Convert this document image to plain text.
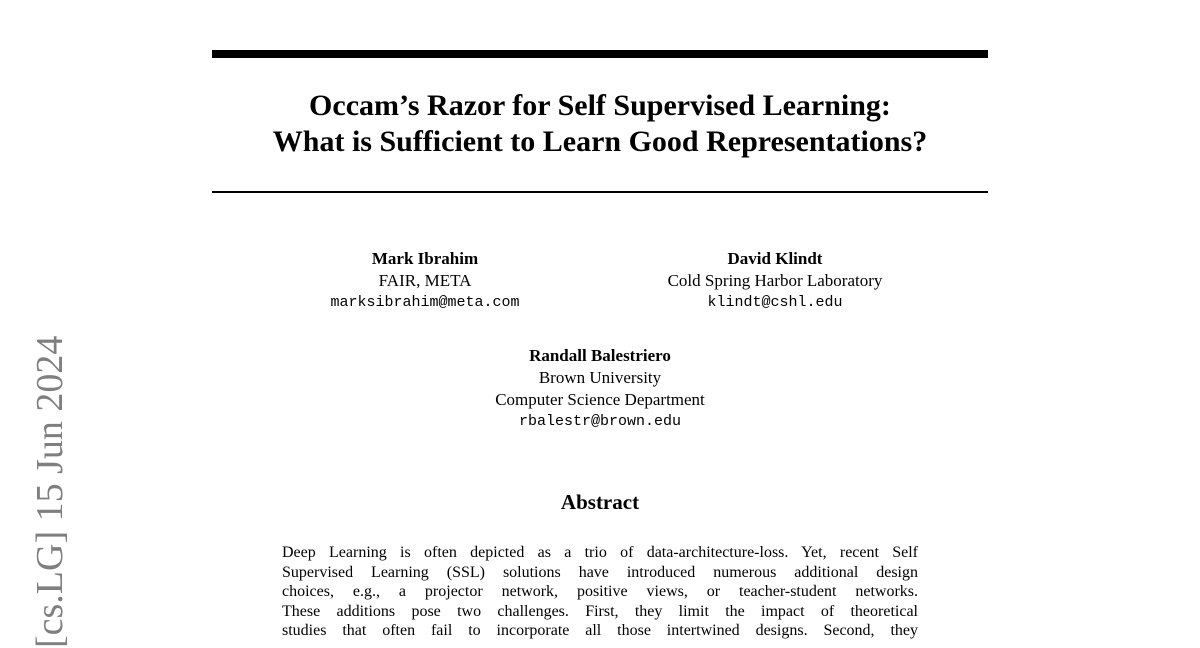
[cs.LG] 15 Jun 2024
Occam’s Razor for Self Supervised Learning:
What is Sufficient to Learn Good Representations?
Mark Ibrahim
FAIR, META
marksibrahim@meta.com
David Klindt
Cold Spring Harbor Laboratory
klindt@cshl.edu
Randall Balestriero
Brown University
Computer Science Department
rbalestr@brown.edu
Abstract
Deep Learning is often depicted as a trio of data-architecture-loss. Yet, recent Self
Supervised Learning (SSL) solutions have introduced numerous additional design
choices, e.g., a projector network, positive views, or teacher-student networks.
These additions pose two challenges. First, they limit the impact of theoretical
studies that often fail to incorporate all those intertwined designs. Second, they
